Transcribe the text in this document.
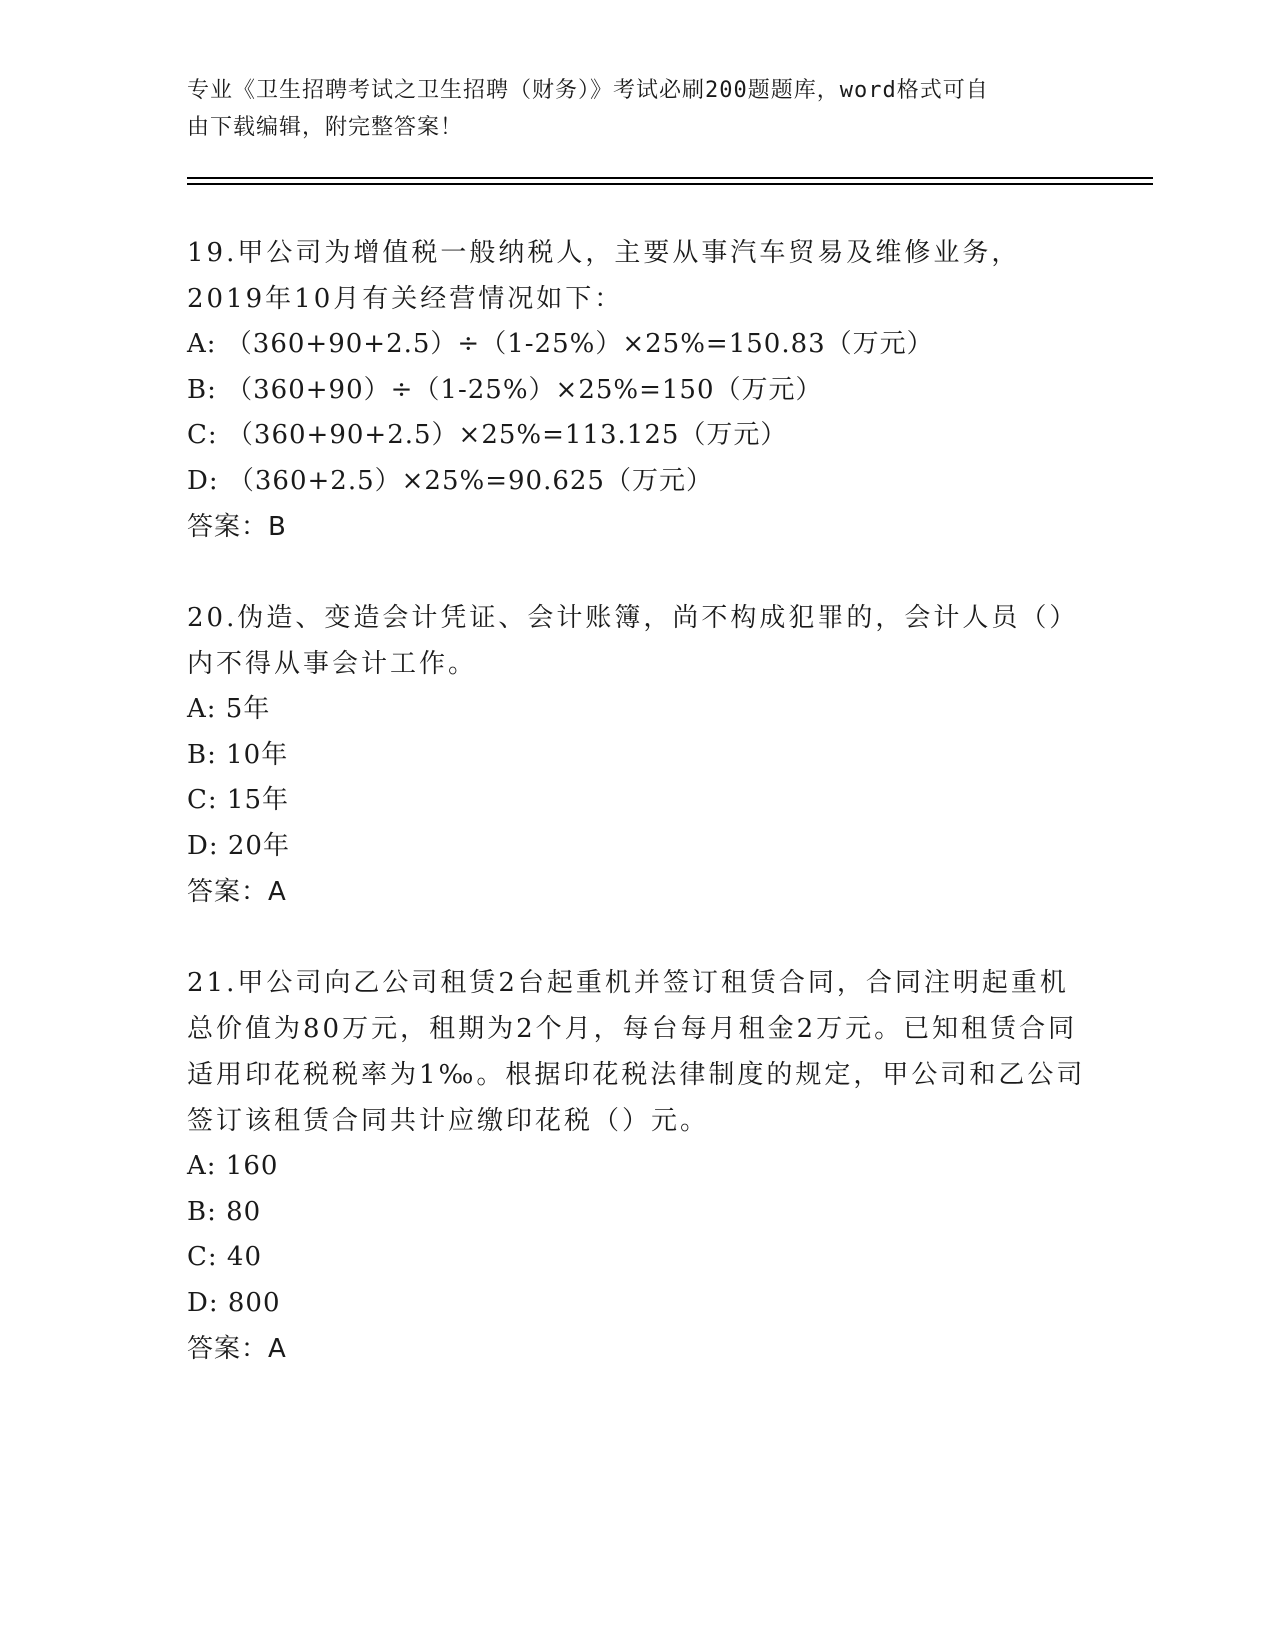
专业《卫生招聘考试之卫生招聘（财务）》考试必刷200题题库，word格式可自
由下载编辑，附完整答案！
19.甲公司为增值税一般纳税人，主要从事汽车贸易及维修业务，2019年10月有关经营情况如下：
A: （360+90+2.5）÷（1-25%）×25%=150.83（万元）
B: （360+90）÷（1-25%）×25%=150（万元）
C: （360+90+2.5）×25%=113.125（万元）
D: （360+2.5）×25%=90.625（万元）
答案：B
20.伪造、变造会计凭证、会计账簿，尚不构成犯罪的，会计人员（）内不得从事会计工作。
A: 5年
B: 10年
C: 15年
D: 20年
答案：A
21.甲公司向乙公司租赁2台起重机并签订租赁合同，合同注明起重机总价值为80万元，租期为2个月，每台每月租金2万元。已知租赁合同适用印花税税率为1‰。根据印花税法律制度的规定，甲公司和乙公司签订该租赁合同共计应缴印花税（）元。
A: 160
B: 80
C: 40
D: 800
答案：A
